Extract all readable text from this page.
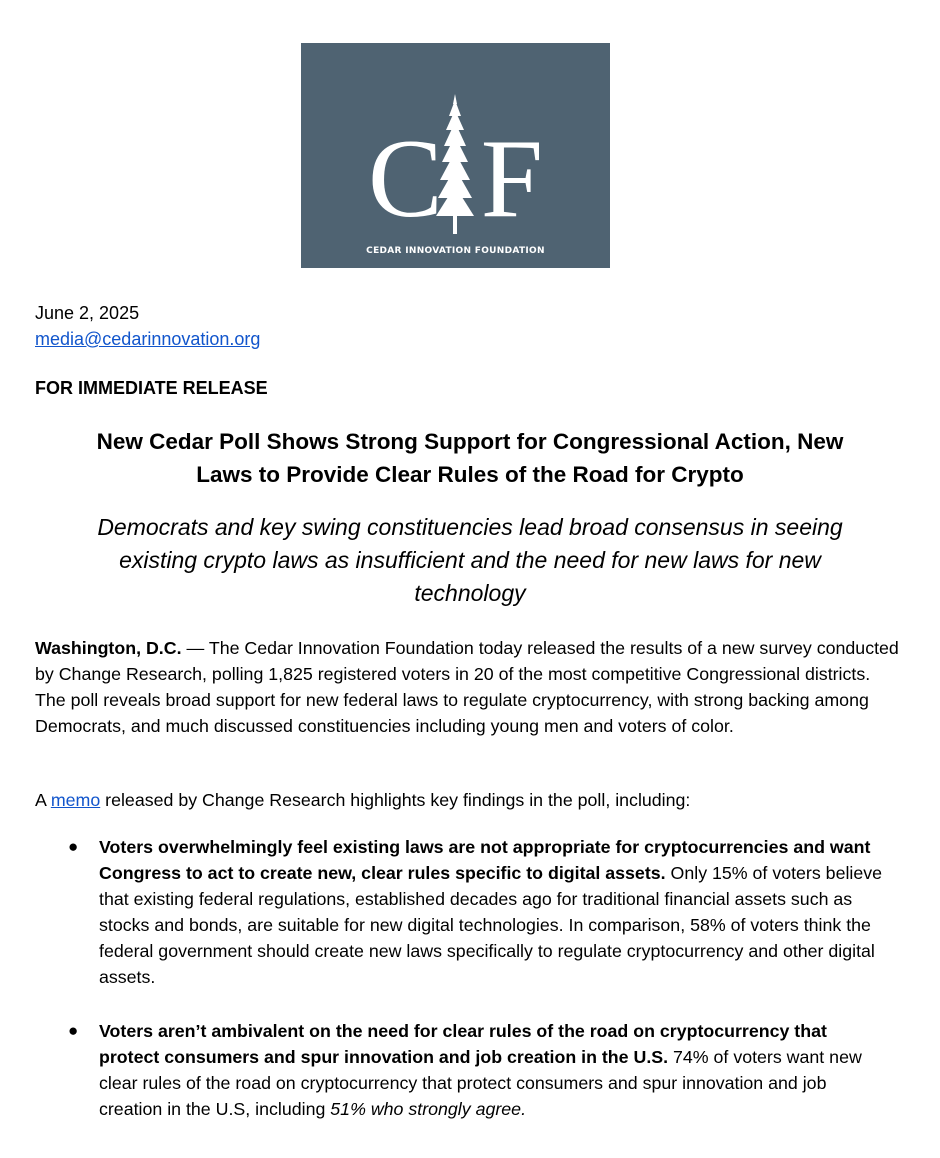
C F
CEDAR INNOVATION FOUNDATION
June 2, 2025
media@cedarinnovation.org
FOR IMMEDIATE RELEASE
New Cedar Poll Shows Strong Support for Congressional Action, New
Laws to Provide Clear Rules of the Road for Crypto
Democrats and key swing constituencies lead broad consensus in seeing
existing crypto laws as insufficient and the need for new laws for new
technology
Washington, D.C. — The Cedar Innovation Foundation today released the results of a new survey conducted by Change Research, polling 1,825 registered voters in 20 of the most competitive Congressional districts. The poll reveals broad support for new federal laws to regulate cryptocurrency, with strong backing among Democrats, and much discussed constituencies including young men and voters of color.
A memo released by Change Research highlights key findings in the poll, including:
● Voters overwhelmingly feel existing laws are not appropriate for cryptocurrencies and want Congress to act to create new, clear rules specific to digital assets. Only 15% of voters believe that existing federal regulations, established decades ago for traditional financial assets such as stocks and bonds, are suitable for new digital technologies. In comparison, 58% of voters think the federal government should create new laws specifically to regulate cryptocurrency and other digital assets.
● Voters aren’t ambivalent on the need for clear rules of the road on cryptocurrency that protect consumers and spur innovation and job creation in the U.S. 74% of voters want new clear rules of the road on cryptocurrency that protect consumers and spur innovation and job creation in the U.S, including 51% who strongly agree.
